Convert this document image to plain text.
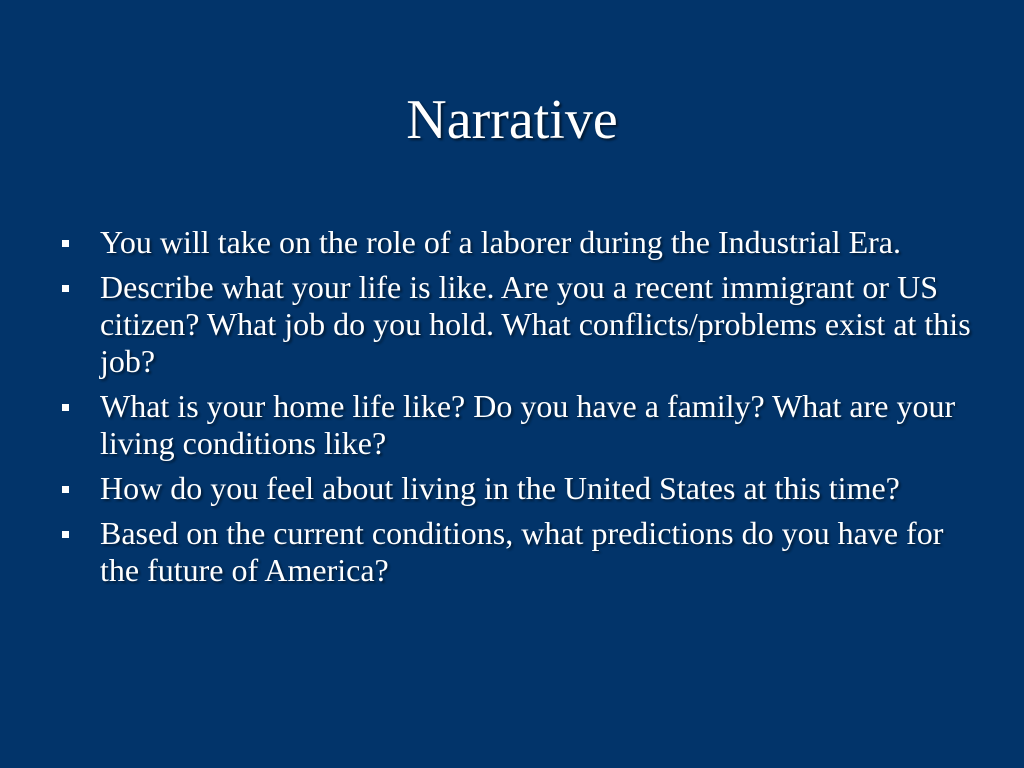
Narrative
You will take on the role of a laborer during the Industrial Era.
Describe what your life is like. Are you a recent immigrant or US citizen? What job do you hold. What conflicts/problems exist at this job?
What is your home life like? Do you have a family? What are your living conditions like?
How do you feel about living in the United States at this time?
Based on the current conditions, what predictions do you have for the future of America?
